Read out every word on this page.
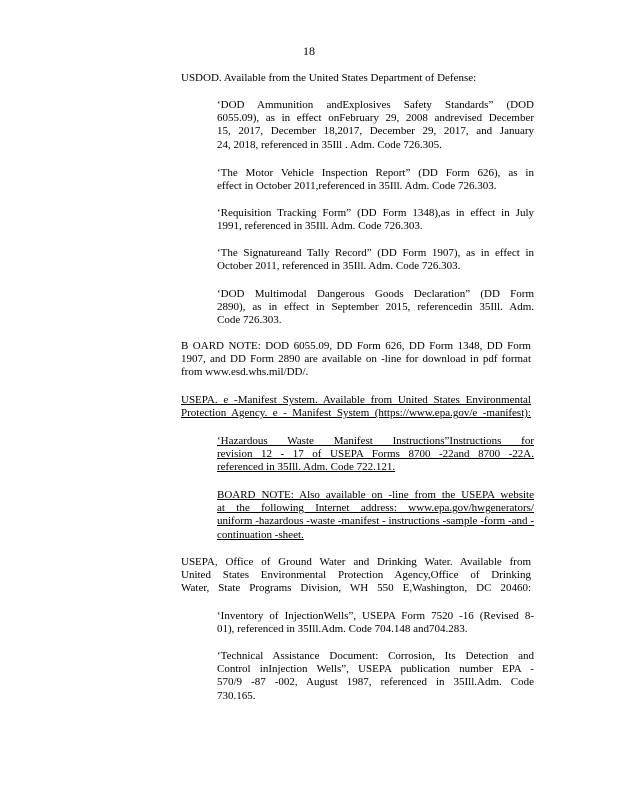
18
USDOD. Available from the United States Department of Defense:
‘DOD Ammunition andExplosives Safety Standards” (DOD
6055.09), as in effect onFebruary 29, 2008 andrevised December
15, 2017, December 18,2017, December 29, 2017, and January
24, 2018, referenced in 35Ill . Adm. Code 726.305.
‘The Motor Vehicle Inspection Report” (DD Form 626), as in
effect in October 2011,referenced in 35Ill. Adm. Code 726.303.
‘Requisition Tracking Form” (DD Form 1348),as in effect in July
1991, referenced in 35Ill. Adm. Code 726.303.
‘The Signatureand Tally Record” (DD Form 1907), as in effect in
October 2011, referenced in 35Ill. Adm. Code 726.303.
‘DOD Multimodal Dangerous Goods Declaration” (DD Form
2890), as in effect in September 2015, referencedin 35Ill. Adm.
Code 726.303.
B OARD NOTE: DOD 6055.09, DD Form 626, DD Form 1348, DD Form
1907, and DD Form 2890 are available on -line for download in pdf format
from www.esd.whs.mil/DD/.
USEPA. e -Manifest System. Available from United States Environmental
Protection Agency. e - Manifest System (https://www.epa.gov/e -manifest):
‘Hazardous Waste Manifest Instructions”Instructions for
revision 12 - 17 of USEPA Forms 8700 -22and 8700 -22A.
referenced in 35Ill. Adm. Code 722.121.
BOARD NOTE: Also available on -line from the USEPA website
at the following Internet address: www.epa.gov/hwgenerators/
uniform -hazardous -waste -manifest - instructions -sample -form -and -
continuation -sheet.
USEPA, Office of Ground Water and Drinking Water. Available from
United States Environmental Protection Agency,Office of Drinking
Water, State Programs Division, WH 550 E,Washington, DC 20460:
‘Inventory of InjectionWells”, USEPA Form 7520 -16 (Revised 8-
01), referenced in 35Ill.Adm. Code 704.148 and704.283.
‘Technical Assistance Document: Corrosion, Its Detection and
Control inInjection Wells”, USEPA publication number EPA -
570/9 -87 -002, August 1987, referenced in 35Ill.Adm. Code
730.165.
